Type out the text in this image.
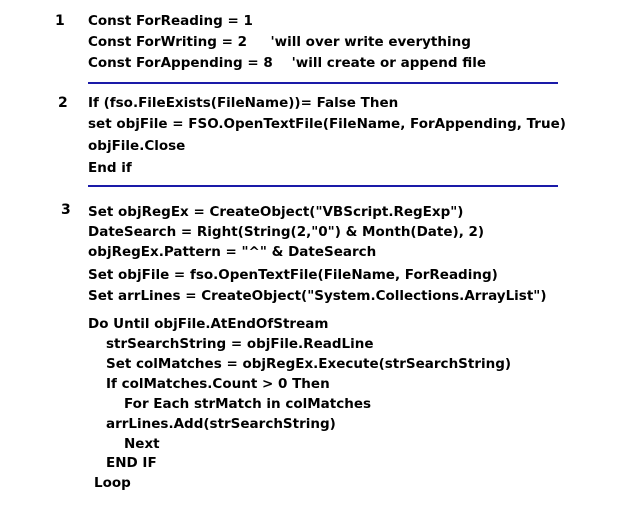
1 Const ForReading = 1
Const ForWriting = 2     'will over write everything
Const ForAppending = 8    'will create or append file
2 If (fso.FileExists(FileName))= False Then
set objFile = FSO.OpenTextFile(FileName, ForAppending, True)
objFile.Close
End if
3 Set objRegEx = CreateObject("VBScript.RegExp")
DateSearch = Right(String(2,"0") & Month(Date), 2)
objRegEx.Pattern = "^" & DateSearch
Set objFile = fso.OpenTextFile(FileName, ForReading)
Set arrLines = CreateObject("System.Collections.ArrayList")
Do Until objFile.AtEndOfStream
strSearchString = objFile.ReadLine
Set colMatches = objRegEx.Execute(strSearchString)
If colMatches.Count > 0 Then
For Each strMatch in colMatches
arrLines.Add(strSearchString)
Next
END IF
Loop
